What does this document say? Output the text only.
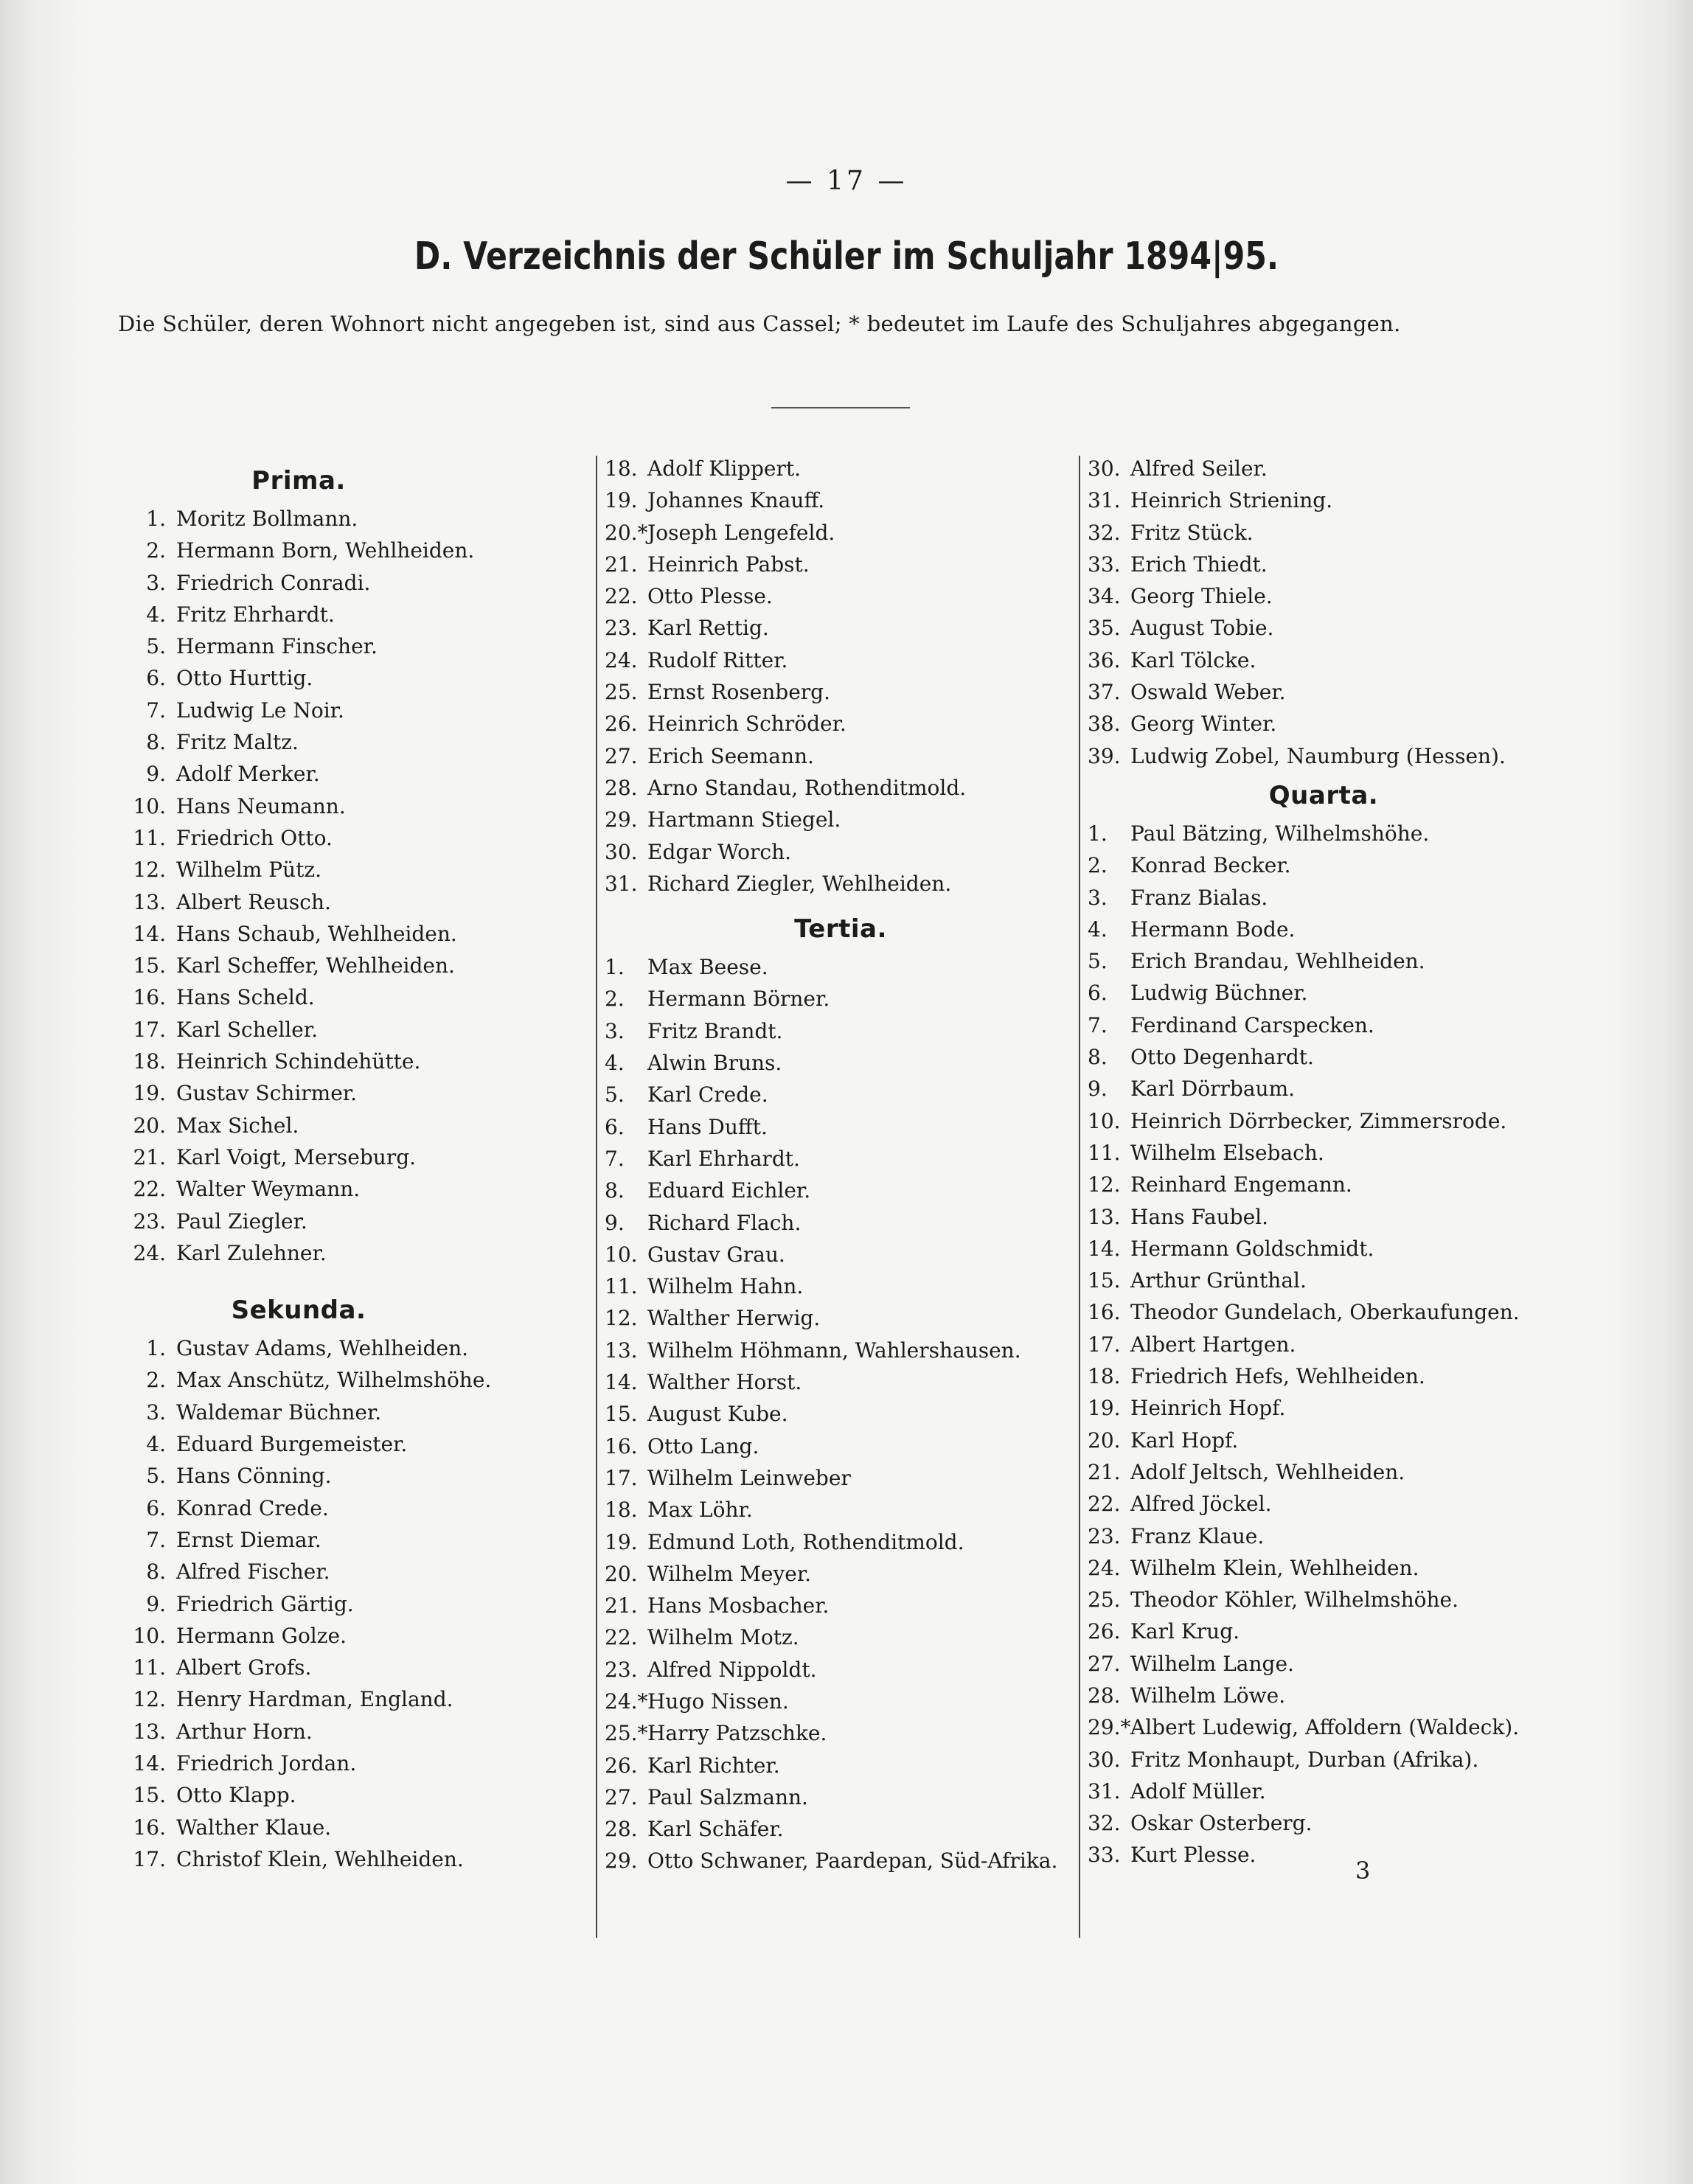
— 17 —
D. Verzeichnis der Schüler im Schuljahr 1894|95.
Die Schüler, deren Wohnort nicht angegeben ist, sind aus Cassel; * bedeutet im Laufe des Schuljahres abgegangen.
Prima.
1. Moritz Bollmann.
2. Hermann Born, Wehlheiden.
3. Friedrich Conradi.
4. Fritz Ehrhardt.
5. Hermann Finscher.
6. Otto Hurttig.
7. Ludwig Le Noir.
8. Fritz Maltz.
9. Adolf Merker.
10. Hans Neumann.
11. Friedrich Otto.
12. Wilhelm Pütz.
13. Albert Reusch.
14. Hans Schaub, Wehlheiden.
15. Karl Scheffer, Wehlheiden.
16. Hans Scheld.
17. Karl Scheller.
18. Heinrich Schindehütte.
19. Gustav Schirmer.
20. Max Sichel.
21. Karl Voigt, Merseburg.
22. Walter Weymann.
23. Paul Ziegler.
24. Karl Zulehner.
Sekunda.
1. Gustav Adams, Wehlheiden.
2. Max Anschütz, Wilhelmshöhe.
3. Waldemar Büchner.
4. Eduard Burgemeister.
5. Hans Cönning.
6. Konrad Crede.
7. Ernst Diemar.
8. Alfred Fischer.
9. Friedrich Gärtig.
10. Hermann Golze.
11. Albert Grofs.
12. Henry Hardman, England.
13. Arthur Horn.
14. Friedrich Jordan.
15. Otto Klapp.
16. Walther Klaue.
17. Christof Klein, Wehlheiden.
18. Adolf Klippert.
19. Johannes Knauff.
20.*Joseph Lengefeld.
21. Heinrich Pabst.
22. Otto Plesse.
23. Karl Rettig.
24. Rudolf Ritter.
25. Ernst Rosenberg.
26. Heinrich Schröder.
27. Erich Seemann.
28. Arno Standau, Rothenditmold.
29. Hartmann Stiegel.
30. Edgar Worch.
31. Richard Ziegler, Wehlheiden.
Tertia.
1. Max Beese.
2. Hermann Börner.
3. Fritz Brandt.
4. Alwin Bruns.
5. Karl Crede.
6. Hans Dufft.
7. Karl Ehrhardt.
8. Eduard Eichler.
9. Richard Flach.
10. Gustav Grau.
11. Wilhelm Hahn.
12. Walther Herwig.
13. Wilhelm Höhmann, Wahlershausen.
14. Walther Horst.
15. August Kube.
16. Otto Lang.
17. Wilhelm Leinweber
18. Max Löhr.
19. Edmund Loth, Rothenditmold.
20. Wilhelm Meyer.
21. Hans Mosbacher.
22. Wilhelm Motz.
23. Alfred Nippoldt.
24.*Hugo Nissen.
25.*Harry Patzschke.
26. Karl Richter.
27. Paul Salzmann.
28. Karl Schäfer.
29. Otto Schwaner, Paardepan, Süd-Afrika.
30. Alfred Seiler.
31. Heinrich Striening.
32. Fritz Stück.
33. Erich Thiedt.
34. Georg Thiele.
35. August Tobie.
36. Karl Tölcke.
37. Oswald Weber.
38. Georg Winter.
39. Ludwig Zobel, Naumburg (Hessen).
Quarta.
1. Paul Bätzing, Wilhelmshöhe.
2. Konrad Becker.
3. Franz Bialas.
4. Hermann Bode.
5. Erich Brandau, Wehlheiden.
6. Ludwig Büchner.
7. Ferdinand Carspecken.
8. Otto Degenhardt.
9. Karl Dörrbaum.
10. Heinrich Dörrbecker, Zimmersrode.
11. Wilhelm Elsebach.
12. Reinhard Engemann.
13. Hans Faubel.
14. Hermann Goldschmidt.
15. Arthur Grünthal.
16. Theodor Gundelach, Oberkaufungen.
17. Albert Hartgen.
18. Friedrich Hefs, Wehlheiden.
19. Heinrich Hopf.
20. Karl Hopf.
21. Adolf Jeltsch, Wehlheiden.
22. Alfred Jöckel.
23. Franz Klaue.
24. Wilhelm Klein, Wehlheiden.
25. Theodor Köhler, Wilhelmshöhe.
26. Karl Krug.
27. Wilhelm Lange.
28. Wilhelm Löwe.
29.*Albert Ludewig, Affoldern (Waldeck).
30. Fritz Monhaupt, Durban (Afrika).
31. Adolf Müller.
32. Oskar Osterberg.
33. Kurt Plesse.
3
